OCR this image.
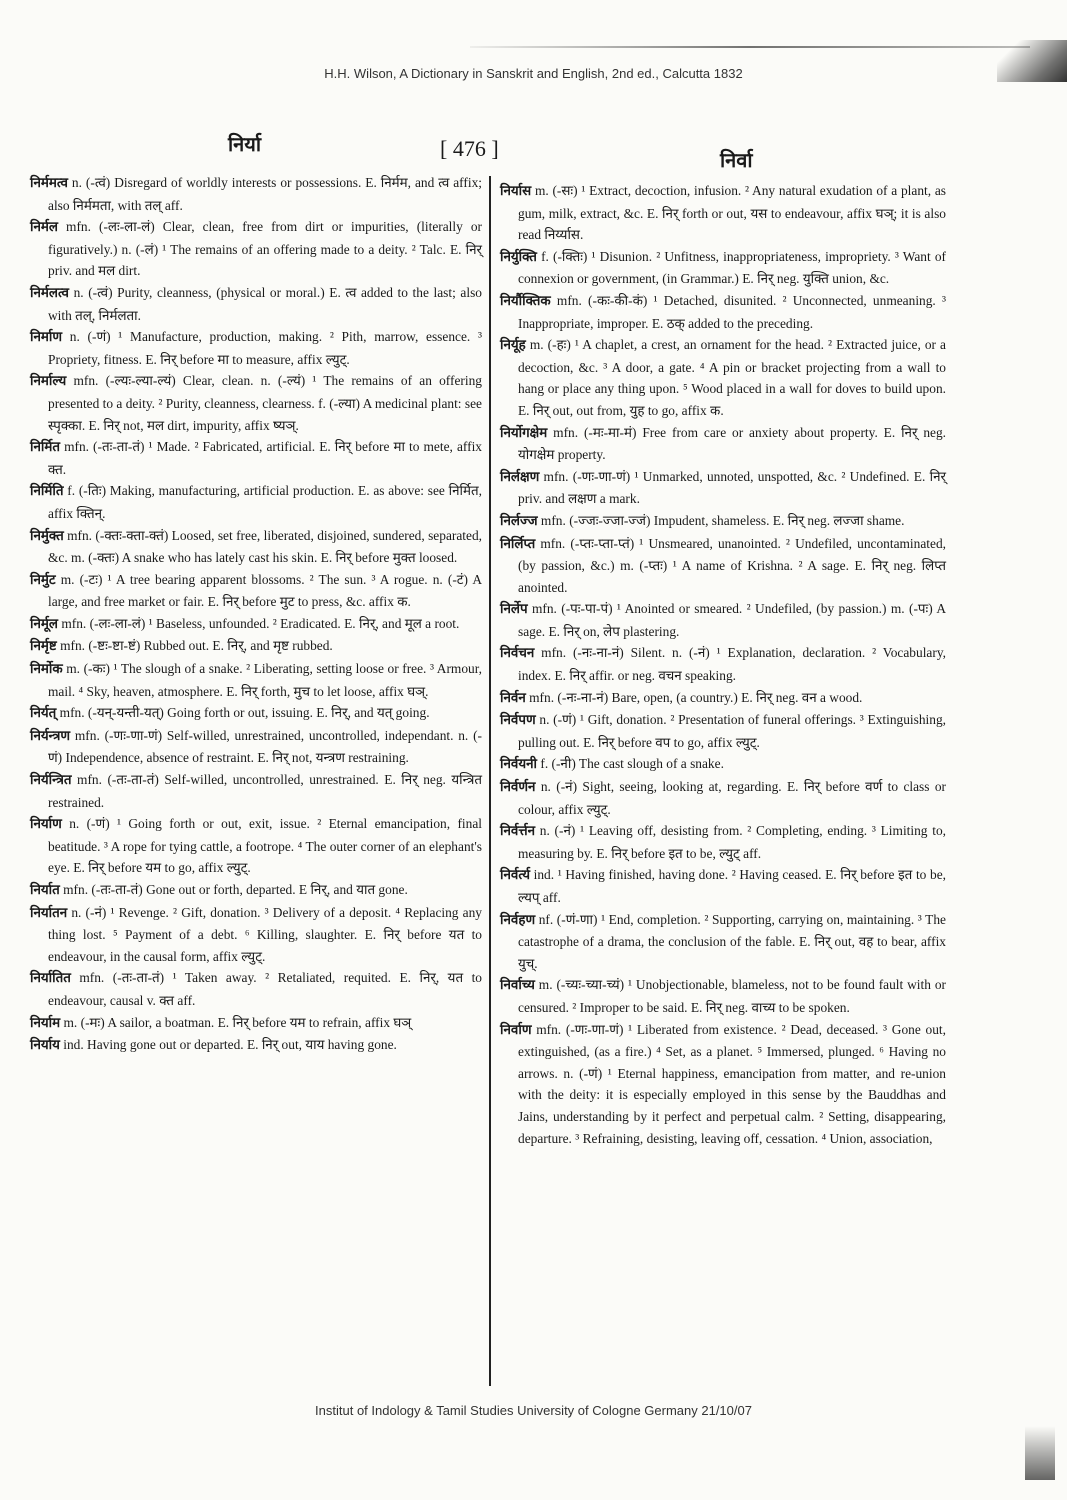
H.H. Wilson, A Dictionary in Sanskrit and English, 2nd ed., Calcutta 1832
निर्या	[ 476 ]	निर्वा

निर्ममत्व n. (-त्वं) Disregard of worldly interests or possessions. E. निर्मम, and त्व affix; also निर्ममता, with तल् aff.

निर्मल mfn. (-लः-ला-लं) Clear, clean, free from dirt or impurities, (literally or figuratively.) n. (-लं) ¹ The remains of an offering made to a deity. ² Talc. E. निर् priv. and मल dirt.

निर्मलत्व n. (-त्वं) Purity, cleanness, (physical or moral.) E. त्व added to the last; also with तल्, निर्मलता.

निर्माण n. (-णं) ¹ Manufacture, production, making. ² Pith, marrow, essence. ³ Propriety, fitness. E. निर् before मा to measure, affix ल्युट्.

निर्माल्य mfn. (-ल्यः-ल्या-ल्यं) Clear, clean. n. (-ल्यं) ¹ The remains of an offering presented to a deity. ² Purity, cleanness, clearness. f. (-ल्या) A medicinal plant: see स्पृक्का. E. निर् not, मल dirt, impurity, affix ष्यञ्.

निर्मित mfn. (-तः-ता-तं) ¹ Made. ² Fabricated, artificial. E. निर् before मा to mete, affix क्त.

निर्मिति f. (-तिः) Making, manufacturing, artificial production. E. as above: see निर्मित, affix क्तिन्.

निर्मुक्त mfn. (-क्तः-क्ता-क्तं) Loosed, set free, liberated, disjoined, sundered, separated, &c. m. (-क्तः) A snake who has lately cast his skin. E. निर् before मुक्त loosed.

निर्मुट m. (-टः) ¹ A tree bearing apparent blossoms. ² The sun. ³ A rogue. n. (-टं) A large, and free market or fair. E. निर् before मुट to press, &c. affix क.

निर्मूल mfn. (-लः-ला-लं) ¹ Baseless, unfounded. ² Eradicated. E. निर्, and मूल a root.

निर्मृष्ट mfn. (-ष्टः-ष्टा-ष्टं) Rubbed out. E. निर्, and मृष्ट rubbed.

निर्मोक m. (-कः) ¹ The slough of a snake. ² Liberating, setting loose or free. ³ Armour, mail. ⁴ Sky, heaven, atmosphere. E. निर् forth, मुच to let loose, affix घञ्.

निर्यत् mfn. (-यन्-यन्ती-यत्) Going forth or out, issuing. E. निर्, and यत् going.

निर्यन्त्रण mfn. (-णः-णा-णं) Self-willed, unrestrained, uncontrolled, independant. n. (-णं) Independence, absence of restraint. E. निर् not, यन्त्रण restraining.

निर्यन्त्रित mfn. (-तः-ता-तं) Self-willed, uncontrolled, unrestrained. E. निर् neg. यन्त्रित restrained.

निर्याण n. (-णं) ¹ Going forth or out, exit, issue. ² Eternal emancipation, final beatitude. ³ A rope for tying cattle, a footrope. ⁴ The outer corner of an elephant's eye. E. निर् before यम to go, affix ल्युट्.

निर्यात mfn. (-तः-ता-तं) Gone out or forth, departed. E निर्, and यात gone.

निर्यातन n. (-नं) ¹ Revenge. ² Gift, donation. ³ Delivery of a deposit. ⁴ Replacing any thing lost. ⁵ Payment of a debt. ⁶ Killing, slaughter. E. निर् before यत to endeavour, in the causal form, affix ल्युट्.

निर्यातित mfn. (-तः-ता-तं) ¹ Taken away. ² Retaliated, requited. E. निर्, यत to endeavour, causal v. क्त aff.

निर्याम m. (-मः) A sailor, a boatman. E. निर् before यम to refrain, affix घञ्

निर्याय ind. Having gone out or departed. E. निर् out, याय having gone.

निर्यास m. (-सः) ¹ Extract, decoction, infusion. ² Any natural exudation of a plant, as gum, milk, extract, &c. E. निर् forth or out, यस to endeavour, affix घञ्; it is also read निर्य्यास.

निर्युक्ति f. (-क्तिः) ¹ Disunion. ² Unfitness, inappropriateness, impropriety. ³ Want of connexion or government, (in Grammar.) E. निर् neg. युक्ति union, &c.

निर्यौक्तिक mfn. (-कः-की-कं) ¹ Detached, disunited. ² Unconnected, unmeaning. ³ Inappropriate, improper. E. ठक् added to the preceding.

निर्यूह m. (-हः) ¹ A chaplet, a crest, an ornament for the head. ² Extracted juice, or a decoction, &c. ³ A door, a gate. ⁴ A pin or bracket projecting from a wall to hang or place any thing upon. ⁵ Wood placed in a wall for doves to build upon. E. निर् out, out from, युह to go, affix क.

निर्योगक्षेम mfn. (-मः-मा-मं) Free from care or anxiety about property. E. निर् neg. योगक्षेम property.

निर्लक्षण mfn. (-णः-णा-णं) ¹ Unmarked, unnoted, unspotted, &c. ² Undefined. E. निर् priv. and लक्षण a mark.

निर्लज्ज mfn. (-ज्जः-ज्जा-ज्जं) Impudent, shameless. E. निर् neg. लज्जा shame.

निर्लिप्त mfn. (-प्तः-प्ता-प्तं) ¹ Unsmeared, unanointed. ² Undefiled, uncontaminated, (by passion, &c.) m. (-प्तः) ¹ A name of Krishna. ² A sage. E. निर् neg. लिप्त anointed.

निर्लेप mfn. (-पः-पा-पं) ¹ Anointed or smeared. ² Undefiled, (by passion.) m. (-पः) A sage. E. निर् on, लेप plastering.

निर्वचन mfn. (-नः-ना-नं) Silent. n. (-नं) ¹ Explanation, declaration. ² Vocabulary, index. E. निर् affir. or neg. वचन speaking.

निर्वन mfn. (-नः-ना-नं) Bare, open, (a country.) E. निर् neg. वन a wood.

निर्वपण n. (-णं) ¹ Gift, donation. ² Presentation of funeral offerings. ³ Extinguishing, pulling out. E. निर् before वप to go, affix ल्युट्.

निर्वयनी f. (-नी) The cast slough of a snake.

निर्वर्णन n. (-नं) Sight, seeing, looking at, regarding. E. निर् before वर्ण to class or colour, affix ल्युट्.

निर्वर्त्तन n. (-नं) ¹ Leaving off, desisting from. ² Completing, ending. ³ Limiting to, measuring by. E. निर् before इत to be, ल्युट् aff.

निर्वर्त्य ind. ¹ Having finished, having done. ² Having ceased. E. निर् before इत to be, ल्यप् aff.

निर्वहण nf. (-णं-णा) ¹ End, completion. ² Supporting, carrying on, maintaining. ³ The catastrophe of a drama, the conclusion of the fable. E. निर् out, वह to bear, affix युच्.

निर्वाच्य m. (-च्यः-च्या-च्यं) ¹ Unobjectionable, blameless, not to be found fault with or censured. ² Improper to be said. E. निर् neg. वाच्य to be spoken.

निर्वाण mfn. (-णः-णा-णं) ¹ Liberated from existence. ² Dead, deceased. ³ Gone out, extinguished, (as a fire.) ⁴ Set, as a planet. ⁵ Immersed, plunged. ⁶ Having no arrows. n. (-णं) ¹ Eternal happiness, emancipation from matter, and re-union with the deity: it is especially employed in this sense by the Bauddhas and Jains, understanding by it perfect and perpetual calm. ² Setting, disappearing, departure. ³ Refraining, desisting, leaving off, cessation. ⁴ Union, association,

Institut of Indology & Tamil Studies University of Cologne Germany 21/10/07
